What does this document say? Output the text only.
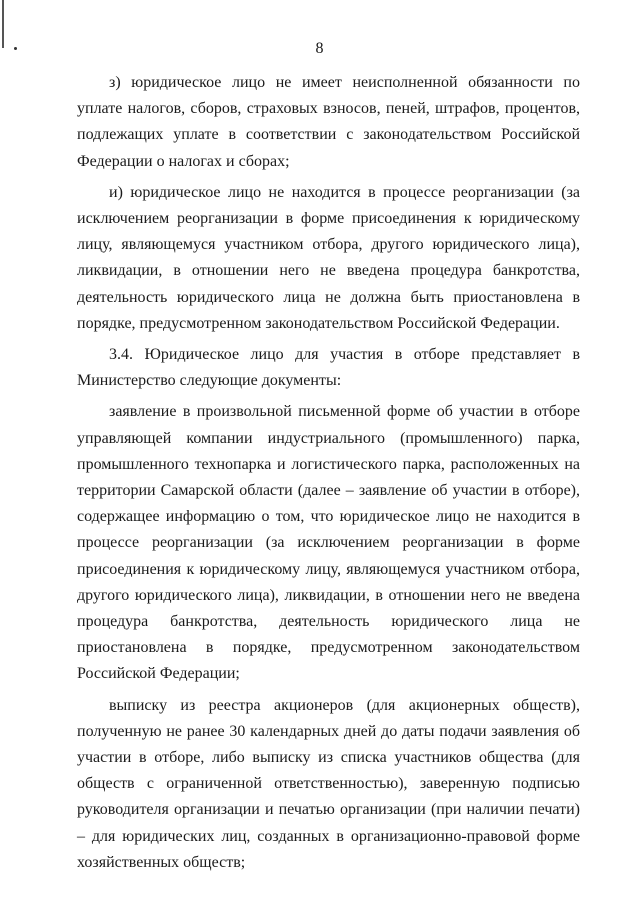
8

з) юридическое лицо не имеет неисполненной обязанности по уплате налогов, сборов, страховых взносов, пеней, штрафов, процентов, подлежащих уплате в соответствии с законодательством Российской Федерации о налогах и сборах;

и) юридическое лицо не находится в процессе реорганизации (за исключением реорганизации в форме присоединения к юридическому лицу, являющемуся участником отбора, другого юридического лица), ликвидации, в отношении него не введена процедура банкротства, деятельность юридического лица не должна быть приостановлена в порядке, предусмотренном законодательством Российской Федерации.

3.4. Юридическое лицо для участия в отборе представляет в Министерство следующие документы:

заявление в произвольной письменной форме об участии в отборе управляющей компании индустриального (промышленного) парка, промышленного технопарка и логистического парка, расположенных на территории Самарской области (далее – заявление об участии в отборе), содержащее информацию о том, что юридическое лицо не находится в процессе реорганизации (за исключением реорганизации в форме присоединения к юридическому лицу, являющемуся участником отбора, другого юридического лица), ликвидации, в отношении него не введена процедура банкротства, деятельность юридического лица не приостановлена в порядке, предусмотренном законодательством Российской Федерации;

выписку из реестра акционеров (для акционерных обществ), полученную не ранее 30 календарных дней до даты подачи заявления об участии в отборе, либо выписку из списка участников общества (для обществ с ограниченной ответственностью), заверенную подписью руководителя организации и печатью организации (при наличии печати) – для юридических лиц, созданных в организационно-правовой форме хозяйственных обществ;
